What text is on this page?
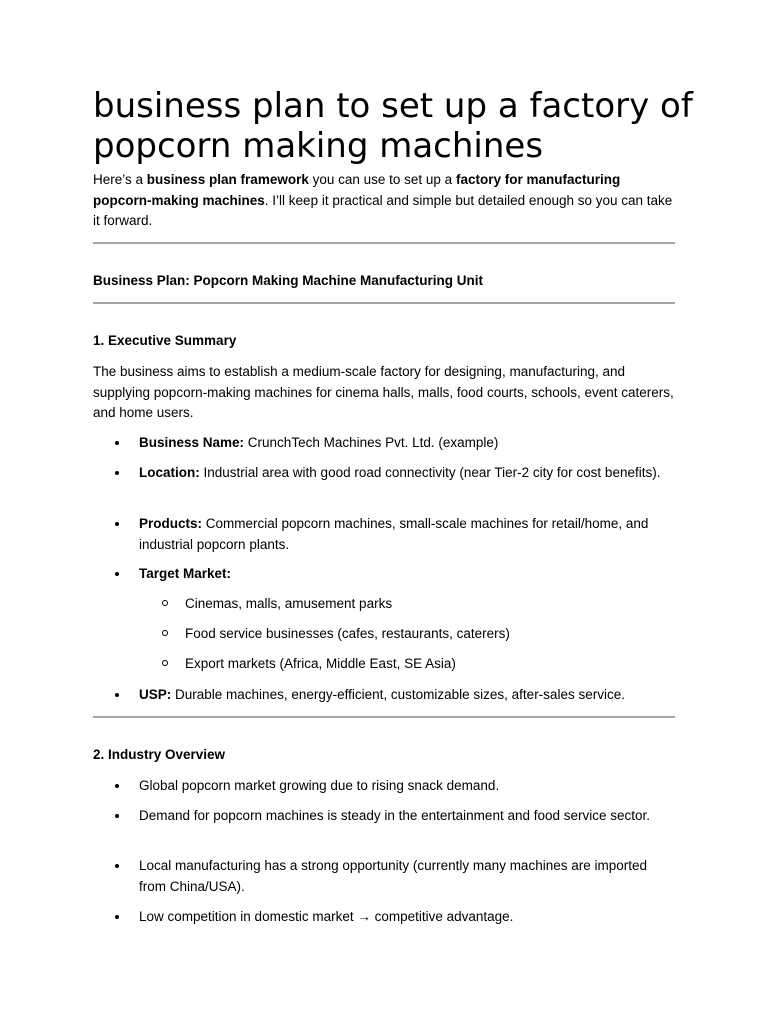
business plan to set up a factory of popcorn making machines
Here’s a business plan framework you can use to set up a factory for manufacturing popcorn-making machines. I’ll keep it practical and simple but detailed enough so you can take it forward.
Business Plan: Popcorn Making Machine Manufacturing Unit
1. Executive Summary
The business aims to establish a medium-scale factory for designing, manufacturing, and supplying popcorn-making machines for cinema halls, malls, food courts, schools, event caterers, and home users.
Business Name: CrunchTech Machines Pvt. Ltd. (example)
Location: Industrial area with good road connectivity (near Tier-2 city for cost benefits).
Products: Commercial popcorn machines, small-scale machines for retail/home, and industrial popcorn plants.
Target Market:
Cinemas, malls, amusement parks
Food service businesses (cafes, restaurants, caterers)
Export markets (Africa, Middle East, SE Asia)
USP: Durable machines, energy-efficient, customizable sizes, after-sales service.
2. Industry Overview
Global popcorn market growing due to rising snack demand.
Demand for popcorn machines is steady in the entertainment and food service sector.
Local manufacturing has a strong opportunity (currently many machines are imported from China/USA).
Low competition in domestic market → competitive advantage.
